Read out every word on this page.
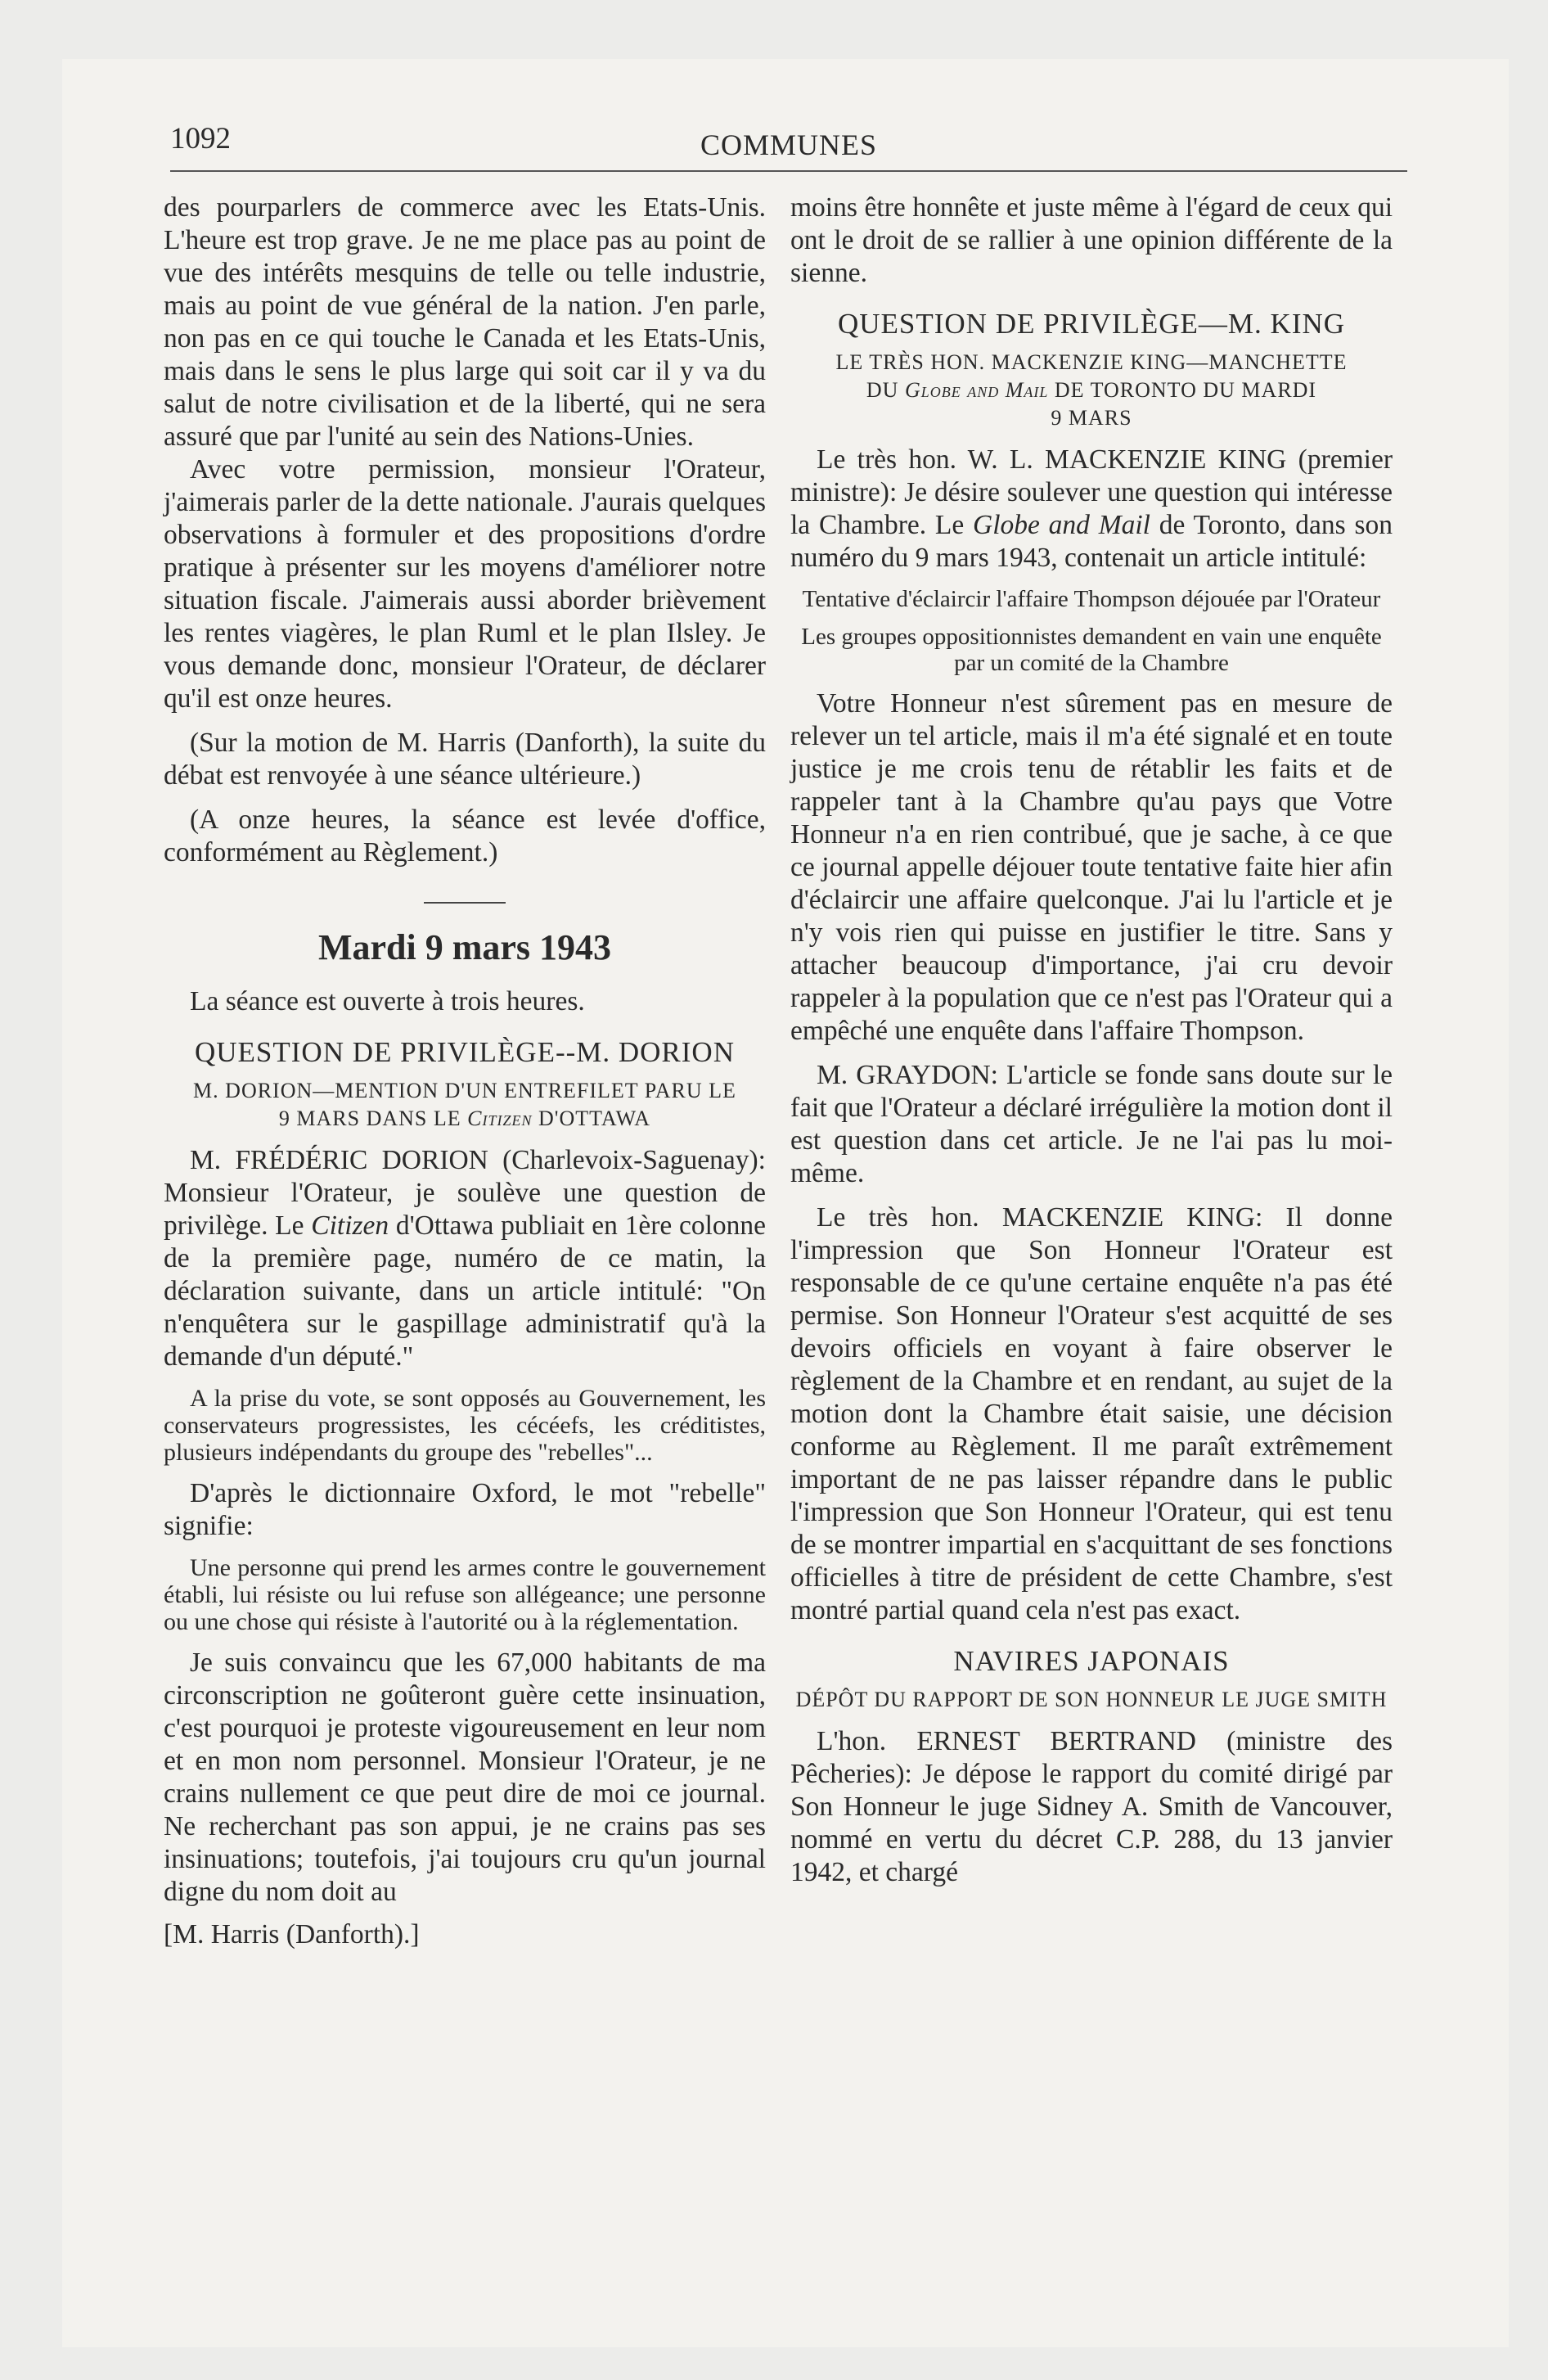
1092	COMMUNES

des pourparlers de commerce avec les Etats-Unis. L'heure est trop grave. Je ne me place pas au point de vue des intérêts mesquins de telle ou telle industrie, mais au point de vue général de la nation. J'en parle, non pas en ce qui touche le Canada et les Etats-Unis, mais dans le sens le plus large qui soit car il y va du salut de notre civilisation et de la liberté, qui ne sera assuré que par l'unité au sein des Nations-Unies.

Avec votre permission, monsieur l'Orateur, j'aimerais parler de la dette nationale. J'aurais quelques observations à formuler et des propositions d'ordre pratique à présenter sur les moyens d'améliorer notre situation fiscale. J'aimerais aussi aborder brièvement les rentes viagères, le plan Ruml et le plan Ilsley. Je vous demande donc, monsieur l'Orateur, de déclarer qu'il est onze heures.

(Sur la motion de M. Harris (Danforth), la suite du débat est renvoyée à une séance ultérieure.)

(A onze heures, la séance est levée d'office, conformément au Règlement.)

Mardi 9 mars 1943

La séance est ouverte à trois heures.

QUESTION DE PRIVILÈGE--M. DORION
M. DORION—MENTION D'UN ENTREFILET PARU LE
9 MARS DANS LE Citizen D'OTTAWA

M. FRÉDÉRIC DORION (Charlevoix-Saguenay): Monsieur l'Orateur, je soulève une question de privilège. Le Citizen d'Ottawa publiait en 1ère colonne de la première page, numéro de ce matin, la déclaration suivante, dans un article intitulé: "On n'enquêtera sur le gaspillage administratif qu'à la demande d'un député."

A la prise du vote, se sont opposés au Gouvernement, les conservateurs progressistes, les cécéefs, les créditistes, plusieurs indépendants du groupe des "rebelles"...

D'après le dictionnaire Oxford, le mot "rebelle" signifie:

Une personne qui prend les armes contre le gouvernement établi, lui résiste ou lui refuse son allégeance; une personne ou une chose qui résiste à l'autorité ou à la réglementation.

Je suis convaincu que les 67,000 habitants de ma circonscription ne goûteront guère cette insinuation, c'est pourquoi je proteste vigoureusement en leur nom et en mon nom personnel. Monsieur l'Orateur, je ne crains nullement ce que peut dire de moi ce journal. Ne recherchant pas son appui, je ne crains pas ses insinuations; toutefois, j'ai toujours cru qu'un journal digne du nom doit au

[M. Harris (Danforth).]

moins être honnête et juste même à l'égard de ceux qui ont le droit de se rallier à une opinion différente de la sienne.

QUESTION DE PRIVILÈGE—M. KING
LE TRÈS HON. MACKENZIE KING—MANCHETTE
DU Globe and Mail DE TORONTO DU MARDI
9 MARS

Le très hon. W. L. MACKENZIE KING (premier ministre): Je désire soulever une question qui intéresse la Chambre. Le Globe and Mail de Toronto, dans son numéro du 9 mars 1943, contenait un article intitulé:

Tentative d'éclaircir l'affaire Thompson déjouée par l'Orateur

Les groupes oppositionnistes demandent en vain une enquête par un comité de la Chambre

Votre Honneur n'est sûrement pas en mesure de relever un tel article, mais il m'a été signalé et en toute justice je me crois tenu de rétablir les faits et de rappeler tant à la Chambre qu'au pays que Votre Honneur n'a en rien contribué, que je sache, à ce que ce journal appelle déjouer toute tentative faite hier afin d'éclaircir une affaire quelconque. J'ai lu l'article et je n'y vois rien qui puisse en justifier le titre. Sans y attacher beaucoup d'importance, j'ai cru devoir rappeler à la population que ce n'est pas l'Orateur qui a empêché une enquête dans l'affaire Thompson.

M. GRAYDON: L'article se fonde sans doute sur le fait que l'Orateur a déclaré irrégulière la motion dont il est question dans cet article. Je ne l'ai pas lu moi-même.

Le très hon. MACKENZIE KING: Il donne l'impression que Son Honneur l'Orateur est responsable de ce qu'une certaine enquête n'a pas été permise. Son Honneur l'Orateur s'est acquitté de ses devoirs officiels en voyant à faire observer le règlement de la Chambre et en rendant, au sujet de la motion dont la Chambre était saisie, une décision conforme au Règlement. Il me paraît extrêmement important de ne pas laisser répandre dans le public l'impression que Son Honneur l'Orateur, qui est tenu de se montrer impartial en s'acquittant de ses fonctions officielles à titre de président de cette Chambre, s'est montré partial quand cela n'est pas exact.

NAVIRES JAPONAIS
DÉPÔT DU RAPPORT DE SON HONNEUR LE JUGE SMITH

L'hon. ERNEST BERTRAND (ministre des Pêcheries): Je dépose le rapport du comité dirigé par Son Honneur le juge Sidney A. Smith de Vancouver, nommé en vertu du décret C.P. 288, du 13 janvier 1942, et chargé
